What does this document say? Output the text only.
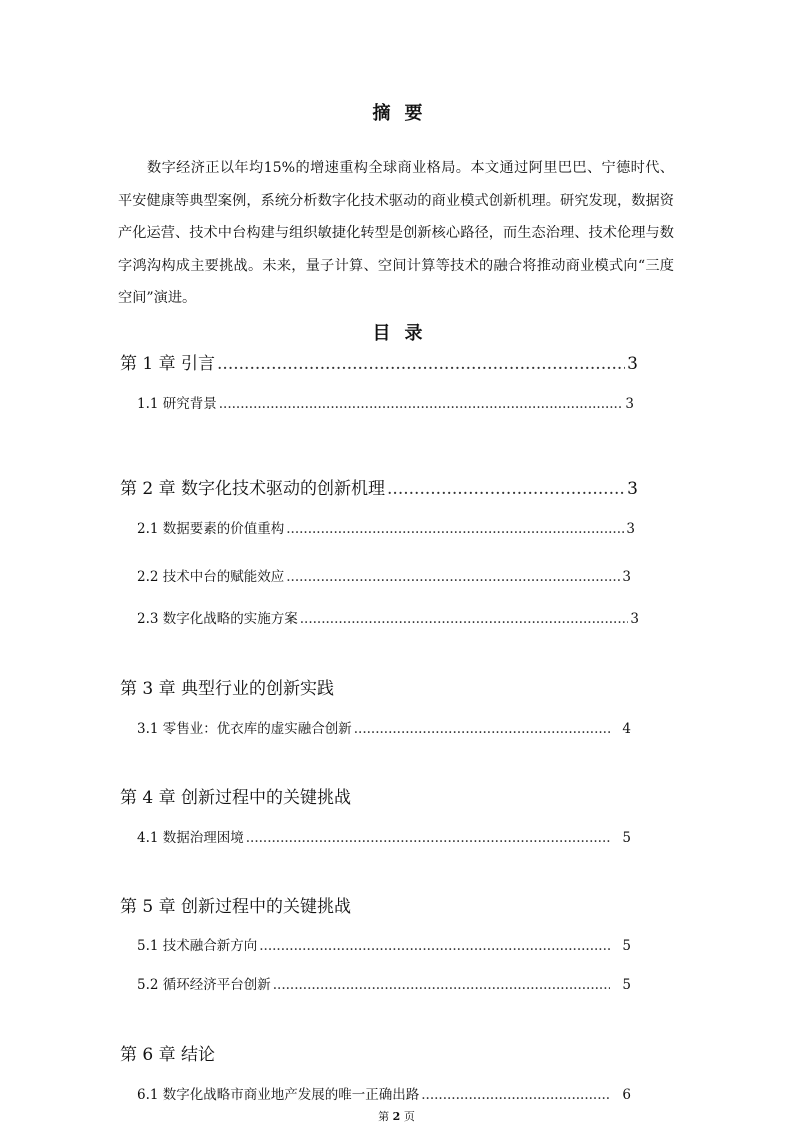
摘要

数字经济正以年均15%的增速重构全球商业格局。本文通过阿里巴巴、宁德时代、平安健康等典型案例，系统分析数字化技术驱动的商业模式创新机理。研究发现，数据资产化运营、技术中台构建与组织敏捷化转型是创新核心路径，而生态治理、技术伦理与数字鸿沟构成主要挑战。未来，量子计算、空间计算等技术的融合将推动商业模式向“三度空间”演进。

目录
第 1 章 引言 .....	3
1.1 研究背景 .....	3
第 2 章 数字化技术驱动的创新机理 .....	3
2.1 数据要素的价值重构 .....	3
2.2 技术中台的赋能效应 .....	3
2.3 数字化战略的实施方案 .....	3
第 3 章 典型行业的创新实践
3.1 零售业：优衣库的虚实融合创新 .....	4
第 4 章 创新过程中的关键挑战
4.1 数据治理困境 .....	5
第 5 章 创新过程中的关键挑战
5.1 技术融合新方向 .....	5
5.2 循环经济平台创新 .....	5
第 6 章 结论
6.1 数字化战略市商业地产发展的唯一正确出路 .....	6
第 2 页
